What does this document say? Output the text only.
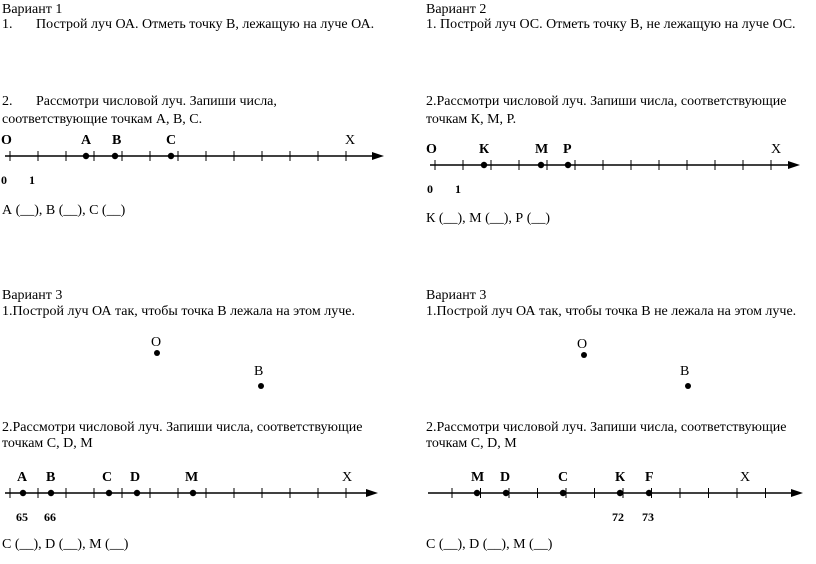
Вариант 1
1. Построй луч ОА. Отметь точку В, лежащую на луче ОА.
2. Рассмотри числовой луч. Запиши числа,
соответствующие точкам А, В, С.
О	А В	С	Х
0 1
А (__), В (__), С (__)
Вариант 2
1. Построй луч ОС. Отметь точку В, не лежащую на луче ОС.
2.Рассмотри числовой луч. Запиши числа, соответствующие
точкам К, М, Р.
О	К	М Р	Х
0 1
К (__), М (__), Р (__)
Вариант 3
1.Построй луч ОА так, чтобы точка В лежала на этом луче.
О
В
2.Рассмотри числовой луч. Запиши числа, соответствующие
точкам С, D, М
А В	С D	М	Х
65 66
С (__), D (__), М (__)
Вариант 3
1.Построй луч ОА так, чтобы точка В не лежала на этом луче.
О
В
2.Рассмотри числовой луч. Запиши числа, соответствующие
точкам С, D, М
М D	С	К F	Х
72 73
С (__), D (__), М (__)
